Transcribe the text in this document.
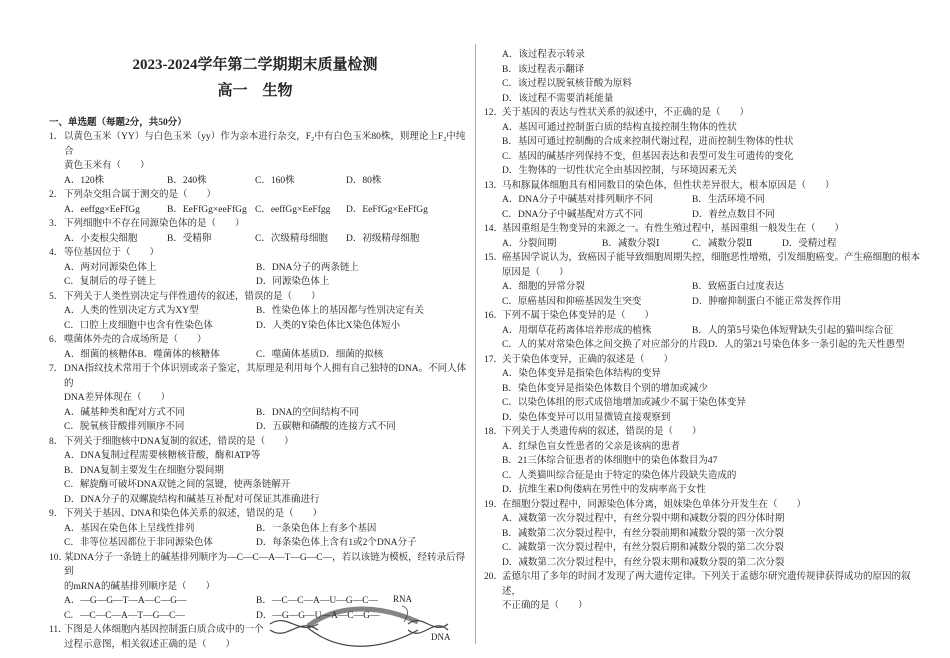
2023-2024学年第二学期期末质量检测
高一　生物
一、单选题（每题2分，共50分）
1． 以黄色玉米（YY）与白色玉米（yy）作为亲本进行杂交，F₂中有白色玉米80株，则理论上F₂中纯合
黄色玉米有（　　）
A．120株	B．240株	C．160株	D．80株
2． 下列杂交组合属于测交的是（　　）
A．eeffgg×EeFfGg	B．EeFfGg×eeFfGg C．eeffGg×EeFfgg	D．EeFfGg×EeFfGg
3． 下列细胞中不存在同源染色体的是（　　）
A．小麦根尖细胞	B．受精卵	C．次级精母细胞	D．初级精母细胞
4． 等位基因位于（　　）
A．两对同源染色体上	B．DNA分子的两条链上
C．复制后的母子链上	D．同源染色体上
5． 下列关于人类性别决定与伴性遗传的叙述，错误的是（　　）
A．人类的性别决定方式为XY型	B．性染色体上的基因都与性别决定有关
C．口腔上皮细胞中也含有性染色体	D．人类的Y染色体比X染色体短小
6． 噬菌体外壳的合成场所是（　　）
A．细菌的核糖体B．噬菌体的核糖体	C．噬菌体基质D．细菌的拟核
7． DNA指纹技术常用于个体识别或亲子鉴定，其原理是利用每个人拥有自己独特的DNA。不同人体的
DNA差异体现在（　　）
A．碱基种类和配对方式不同	B．DNA的空间结构不同
C．脱氧核苷酸排列顺序不同	D．五碳糖和磷酸的连接方式不同
8． 下列关于细胞核中DNA复制的叙述，错误的是（　　）
A．DNA复制过程需要核糖核苷酸，酶和ATP等
B．DNA复制主要发生在细胞分裂间期
C．解旋酶可破坏DNA双链之间的氢键，使两条链解开
D．DNA分子的双螺旋结构和碱基互补配对可保证其准确进行
9． 下列关于基因、DNA和染色体关系的叙述，错误的是（　　）
A．基因在染色体上呈线性排列	B．一条染色体上有多个基因
C．非等位基因都位于非同源染色体	D．每条染色体上含有1或2个DNA分子
10．
某DNA分子一条链上的碱基排列顺序为—C—C—A—T—G—C—，若以该链为模板，经转录后得到
的mRNA的碱基排列顺序是（　　）
A．—G—G—T—A—C—G—	B．—C—C—A—U—G—C—
C．—C—C—A—T—G—C—	D．—G—G—U—A—C—G—
11．
下图是人体细胞内基因控制蛋白质合成中的一个
过程示意图，相关叙述正确的是（　　）
A．该过程表示转录
B．该过程表示翻译
C．该过程以脱氧核苷酸为原料
D．该过程不需要消耗能量
12．
关于基因的表达与性状关系的叙述中，不正确的是（　　）
A．基因可通过控制蛋白质的结构直接控制生物体的性状
B．基因可通过控制酶的合成来控制代谢过程，进而控制生物体的性状
C．基因的碱基序列保持不变，但基因表达和表型可发生可遗传的变化
D．生物体的一切性状完全由基因控制，与环境因素无关
13．
马和豚鼠体细胞具有相同数目的染色体，但性状差异很大，根本原因是（　　）
A．DNA分子中碱基对排列顺序不同	B．生活环境不同
C．DNA分子中碱基配对方式不同	D．着丝点数目不同
14．
基因重组是生物变异的来源之一。有性生殖过程中，基因重组一般发生在（　　）
A．分裂间期	B．减数分裂Ⅰ	C．减数分裂Ⅱ	D．受精过程
15．
癌基因学说认为，致癌因子能导致细胞周期失控，细胞恶性增殖，引发细胞癌变。产生癌细胞的根本
原因是（　　）
A．细胞的异常分裂	B．致癌蛋白过度表达
C．原癌基因和抑癌基因发生突变	D．肿瘤抑制蛋白不能正常发挥作用
16．
下列不属于染色体变异的是（　　）
A．用烟草花药离体培养形成的植株	B．人的第5号染色体短臂缺失引起的猫叫综合征
C．人的某对常染色体之间交换了对应部分的片段 D．人的第21号染色体多一条引起的先天性愚型
17．
关于染色体变异，正确的叙述是（　　）
A．染色体变异是指染色体结构的变异
B．染色体变异是指染色体数目个别的增加或减少
C．以染色体组的形式成倍地增加或减少不属于染色体变异
D．染色体变异可以用显微镜直接观察到
18．
下列关于人类遗传病的叙述，错误的是（　　）
A．红绿色盲女性患者的父亲是该病的患者
B．21三体综合征患者的体细胞中的染色体数目为47
C．人类猫叫综合征是由于特定的染色体片段缺失造成的
D．抗维生素D佝偻病在男性中的发病率高于女性
19．
在细胞分裂过程中，同源染色体分离，姐妹染色单体分开发生在（　　）
A．减数第一次分裂过程中，有丝分裂中期和减数分裂的四分体时期
B．减数第二次分裂过程中，有丝分裂前期和减数分裂的第一次分裂
C．减数第一次分裂过程中，有丝分裂后期和减数分裂的第二次分裂
D．减数第二次分裂过程中，有丝分裂末期和减数分裂的第二次分裂
20．
孟德尔用了多年的时间才发现了两大遗传定律。下列关于孟德尔研究遗传规律获得成功的原因的叙述，
不正确的是（　　）
RNA
DNA
